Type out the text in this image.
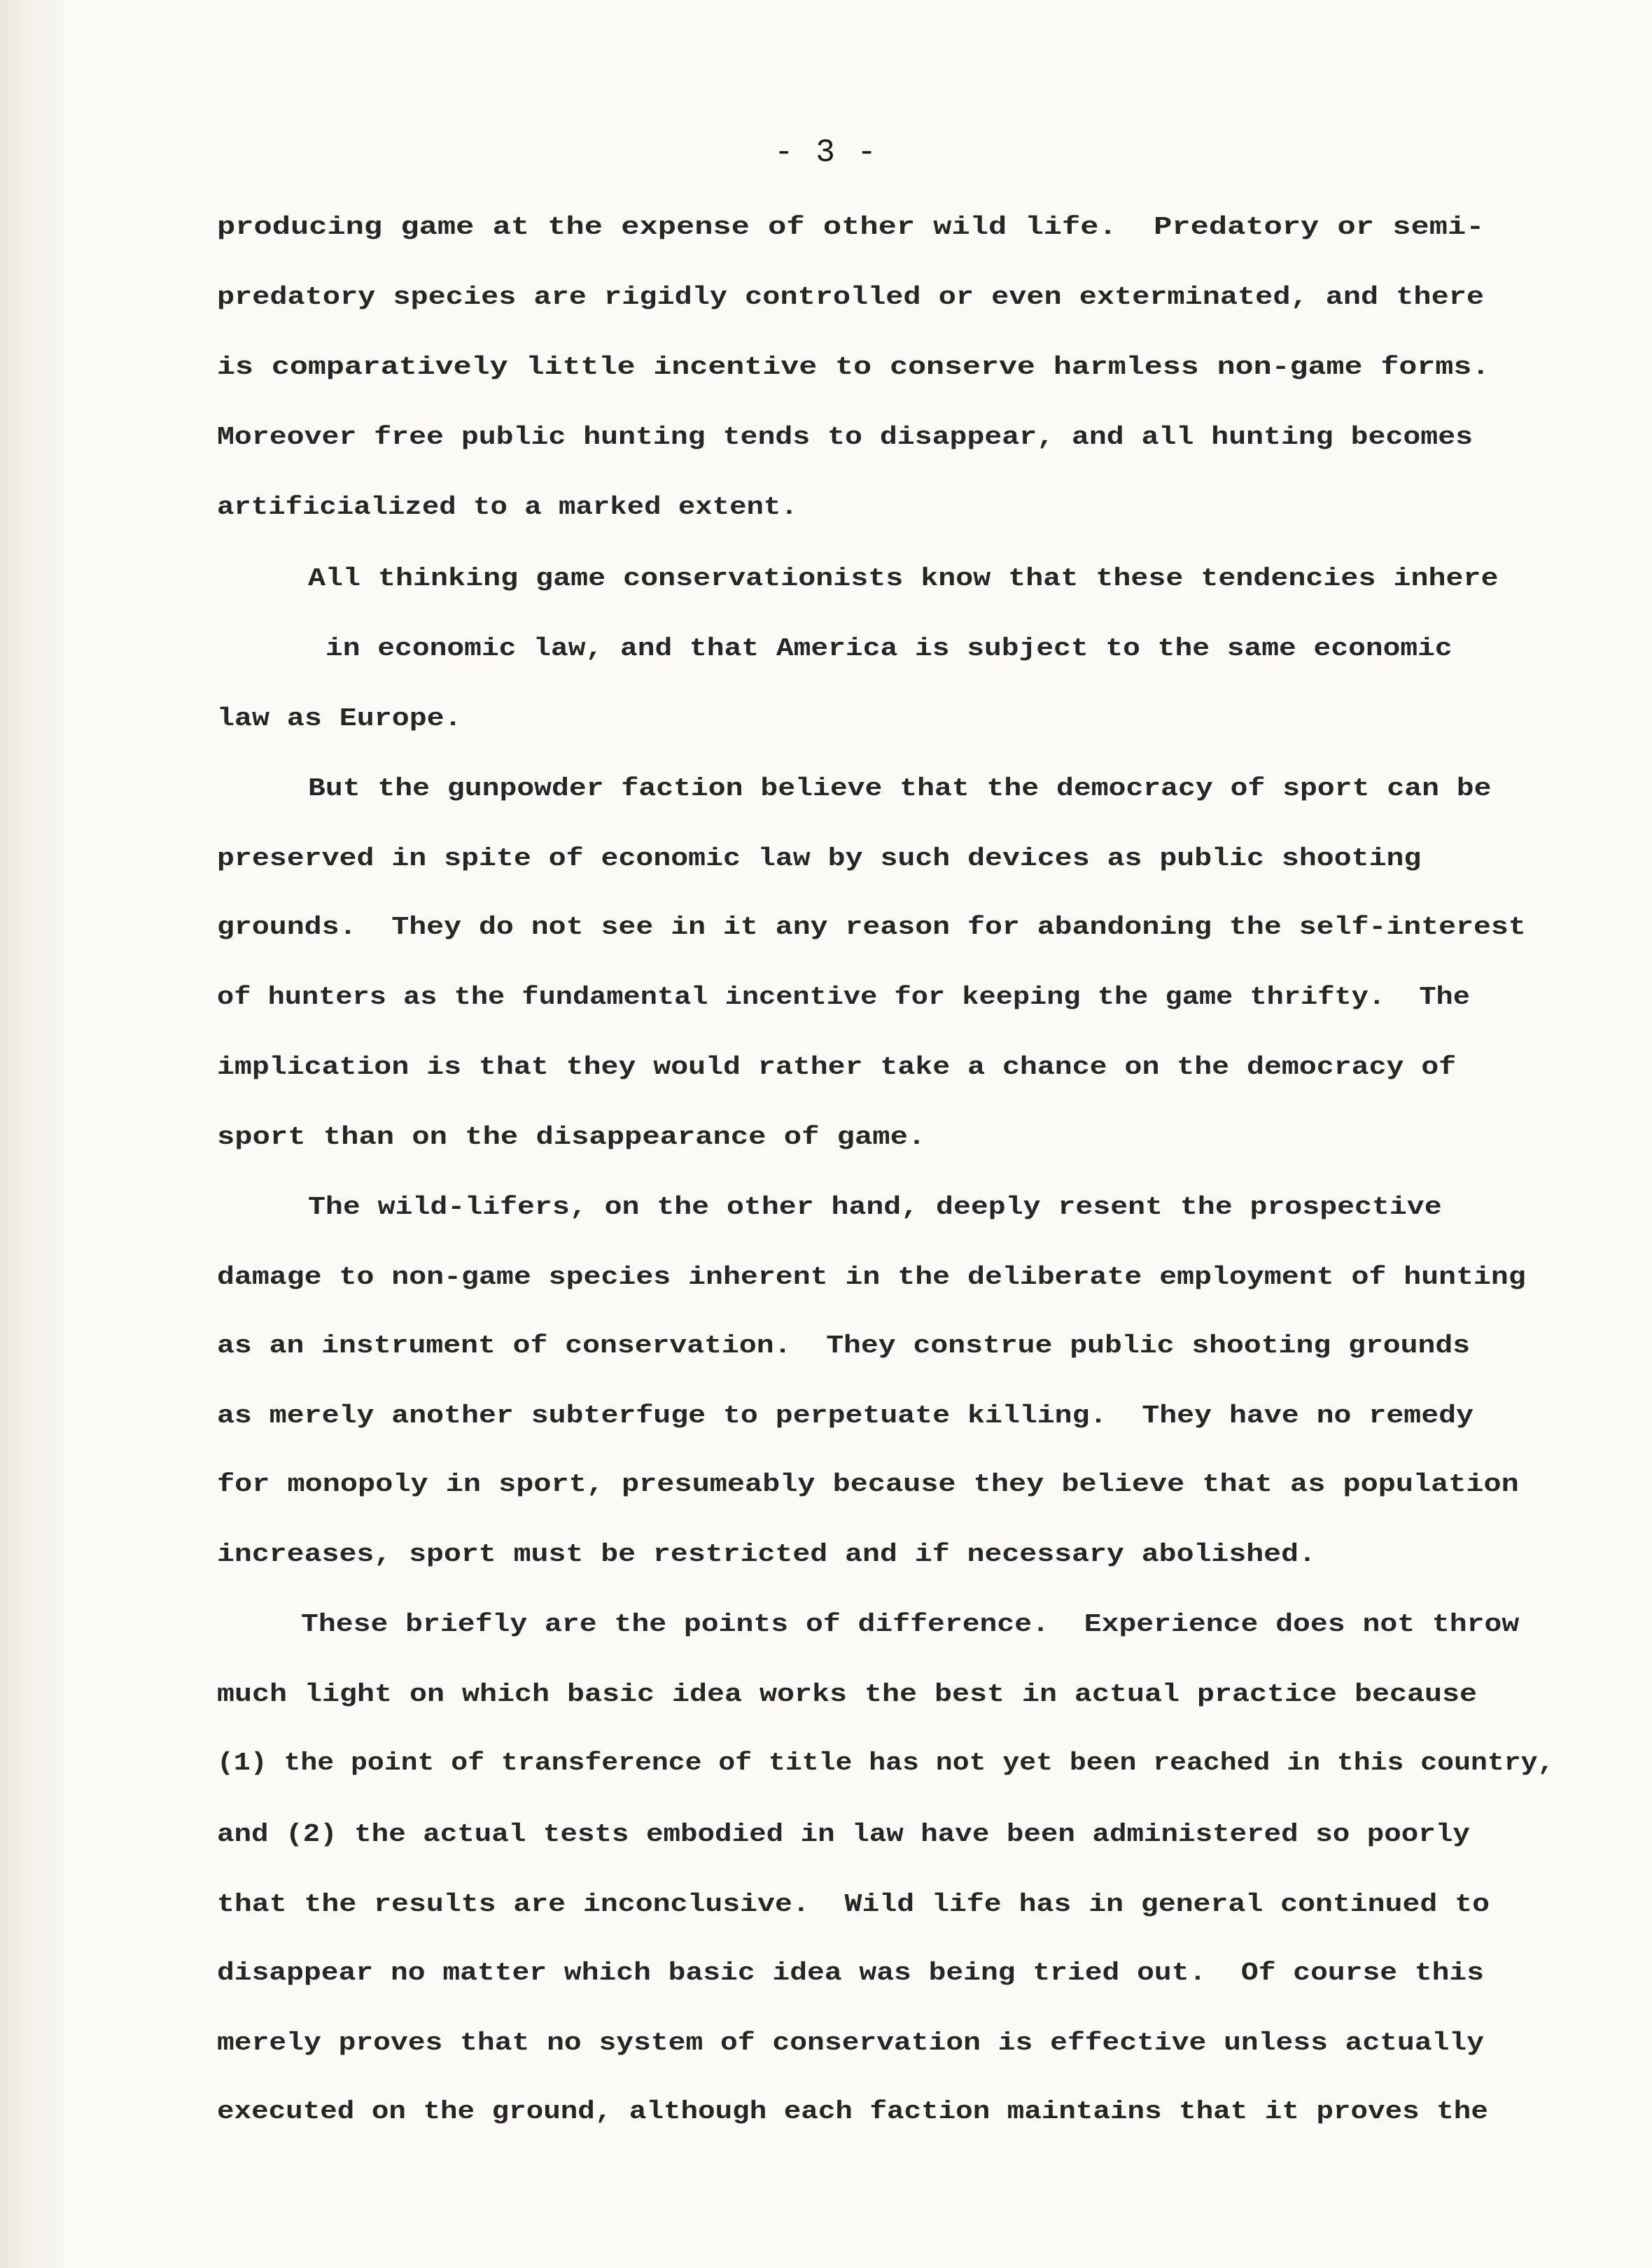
- 3 -
producing game at the expense of other wild life.  Predatory or semi-
predatory species are rigidly controlled or even exterminated, and there
is comparatively little incentive to conserve harmless non-game forms.
Moreover free public hunting tends to disappear, and all hunting becomes
artificialized to a marked extent.
All thinking game conservationists know that these tendencies inhere
in economic law, and that America is subject to the same economic
law as Europe.
But the gunpowder faction believe that the democracy of sport can be
preserved in spite of economic law by such devices as public shooting
grounds.  They do not see in it any reason for abandoning the self-interest
of hunters as the fundamental incentive for keeping the game thrifty.  The
implication is that they would rather take a chance on the democracy of
sport than on the disappearance of game.
The wild-lifers, on the other hand, deeply resent the prospective
damage to non-game species inherent in the deliberate employment of hunting
as an instrument of conservation.  They construe public shooting grounds
as merely another subterfuge to perpetuate killing.  They have no remedy
for monopoly in sport, presumeably because they believe that as population
increases, sport must be restricted and if necessary abolished.
These briefly are the points of difference.  Experience does not throw
much light on which basic idea works the best in actual practice because
(1) the point of transference of title has not yet been reached in this country,
and (2) the actual tests embodied in law have been administered so poorly
that the results are inconclusive.  Wild life has in general continued to
disappear no matter which basic idea was being tried out.  Of course this
merely proves that no system of conservation is effective unless actually
executed on the ground, although each faction maintains that it proves the
